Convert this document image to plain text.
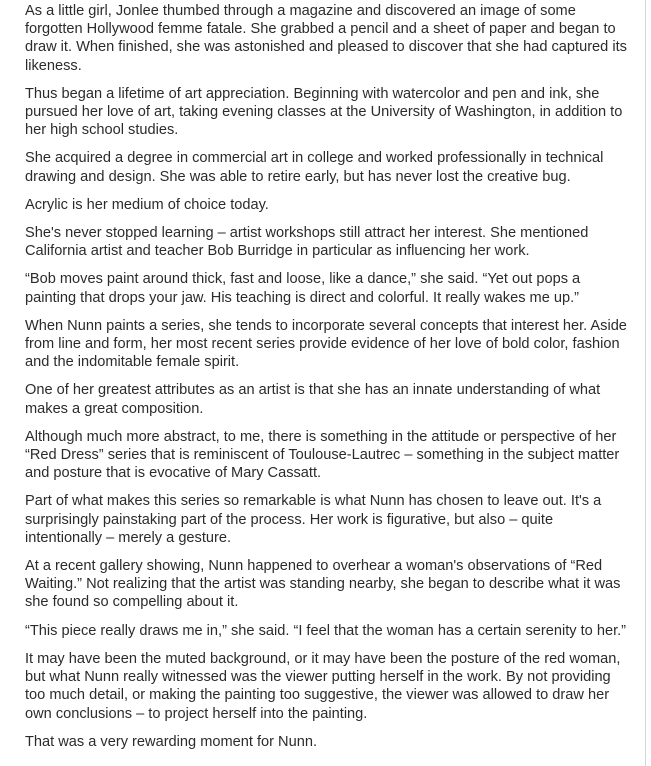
As a little girl, Jonlee thumbed through a magazine and discovered an image of some forgotten Hollywood femme fatale. She grabbed a pencil and a sheet of paper and began to draw it. When finished, she was astonished and pleased to discover that she had captured its likeness.

Thus began a lifetime of art appreciation. Beginning with watercolor and pen and ink, she pursued her love of art, taking evening classes at the University of Washington, in addition to her high school studies.

She acquired a degree in commercial art in college and worked professionally in technical drawing and design. She was able to retire early, but has never lost the creative bug.

Acrylic is her medium of choice today.

She's never stopped learning – artist workshops still attract her interest. She mentioned California artist and teacher Bob Burridge in particular as influencing her work.

“Bob moves paint around thick, fast and loose, like a dance,” she said. “Yet out pops a painting that drops your jaw. His teaching is direct and colorful. It really wakes me up.”

When Nunn paints a series, she tends to incorporate several concepts that interest her. Aside from line and form, her most recent series provide evidence of her love of bold color, fashion and the indomitable female spirit.

One of her greatest attributes as an artist is that she has an innate understanding of what makes a great composition.

Although much more abstract, to me, there is something in the attitude or perspective of her “Red Dress” series that is reminiscent of Toulouse-Lautrec – something in the subject matter and posture that is evocative of Mary Cassatt.

Part of what makes this series so remarkable is what Nunn has chosen to leave out. It's a surprisingly painstaking part of the process. Her work is figurative, but also – quite intentionally – merely a gesture.

At a recent gallery showing, Nunn happened to overhear a woman's observations of “Red Waiting.” Not realizing that the artist was standing nearby, she began to describe what it was she found so compelling about it.

“This piece really draws me in,” she said. “I feel that the woman has a certain serenity to her.”

It may have been the muted background, or it may have been the posture of the red woman, but what Nunn really witnessed was the viewer putting herself in the work. By not providing too much detail, or making the painting too suggestive, the viewer was allowed to draw her own conclusions – to project herself into the painting.

That was a very rewarding moment for Nunn.
